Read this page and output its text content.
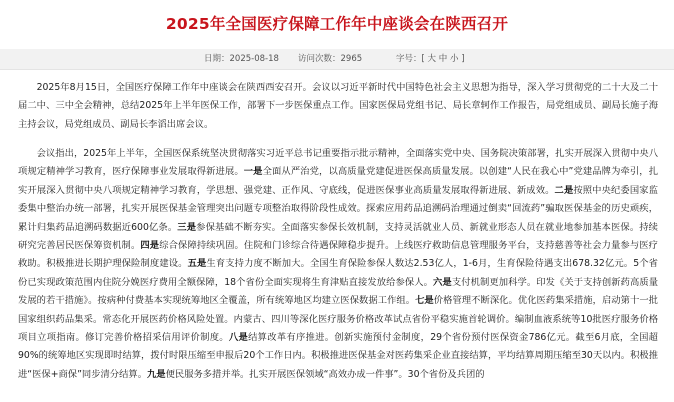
2025年全国医疗保障工作年中座谈会在陕西召开
日期：2025-08-18 访问次数：2965	字号：[ 大 中 小 ]

2025年8月15日，全国医疗保障工作年中座谈会在陕西西安召开。会议以习近平新时代中国特色社会主义思想为指导，深入学习贯彻党的二十大及二十届二中、三中全会精神，总结2025年上半年医保工作，部署下一步医保重点工作。国家医保局党组书记、局长章轲作工作报告，局党组成员、副局长施子海主持会议，局党组成员、副局长李滔出席会议。

会议指出，2025年上半年，全国医保系统坚决贯彻落实习近平总书记重要指示批示精神，全面落实党中央、国务院决策部署，扎实开展深入贯彻中央八项规定精神学习教育，医疗保障事业发展取得新进展。一是全面从严治党，以高质量党建促进医保高质量发展。以创建“人民在我心中”党建品牌为牵引，扎实开展深入贯彻中央八项规定精神学习教育，学思想、强党建、正作风、守底线，促进医保事业高质量发展取得新进展、新成效。二是按照中央纪委国家监委集中整治办统一部署，扎实开展医保基金管理突出问题专项整治取得阶段性成效。探索应用药品追溯码治理通过倒卖“回流药”骗取医保基金的历史顽疾，累计归集药品追溯码数据近600亿条。三是参保基础不断夯实。全面落实参保长效机制，支持灵活就业人员、新就业形态人员在就业地参加基本医保。持续研究完善居民医保筹资机制。四是综合保障持续巩固。住院和门诊综合待遇保障稳步提升。上线医疗救助信息管理服务平台，支持慈善等社会力量参与医疗救助。积极推进长期护理保险制度建设。五是生育支持力度不断加大。全国生育保险参保人数达2.53亿人，1-6月，生育保险待遇支出678.32亿元。5个省份已实现政策范围内住院分娩医疗费用全额保障，18个省份全面实现将生育津贴直接发放给参保人。六是支付机制更加科学。印发《关于支持创新药高质量发展的若干措施》。按病种付费基本实现统筹地区全覆盖，所有统筹地区均建立医保数据工作组。七是价格管理不断深化。优化医药集采措施，启动第十一批国家组织药品集采。常态化开展医药价格风险处置。内蒙古、四川等深化医疗服务价格改革试点省份平稳实施首轮调价。编制血液系统等10批医疗服务价格项目立项指南。修订完善价格招采信用评价制度。八是结算改革有序推进。创新实施预付金制度，29个省份预付医保资金786亿元。截至6月底，全国超90%的统筹地区实现即时结算，拨付时限压缩至申报后20个工作日内。积极推进医保基金对医药集采企业直接结算，平均结算周期压缩至30天以内。积极推进“医保+商保”同步清分结算。九是便民服务多措并举。扎实开展医保领域“高效办成一件事”。30个省份及兵团的
